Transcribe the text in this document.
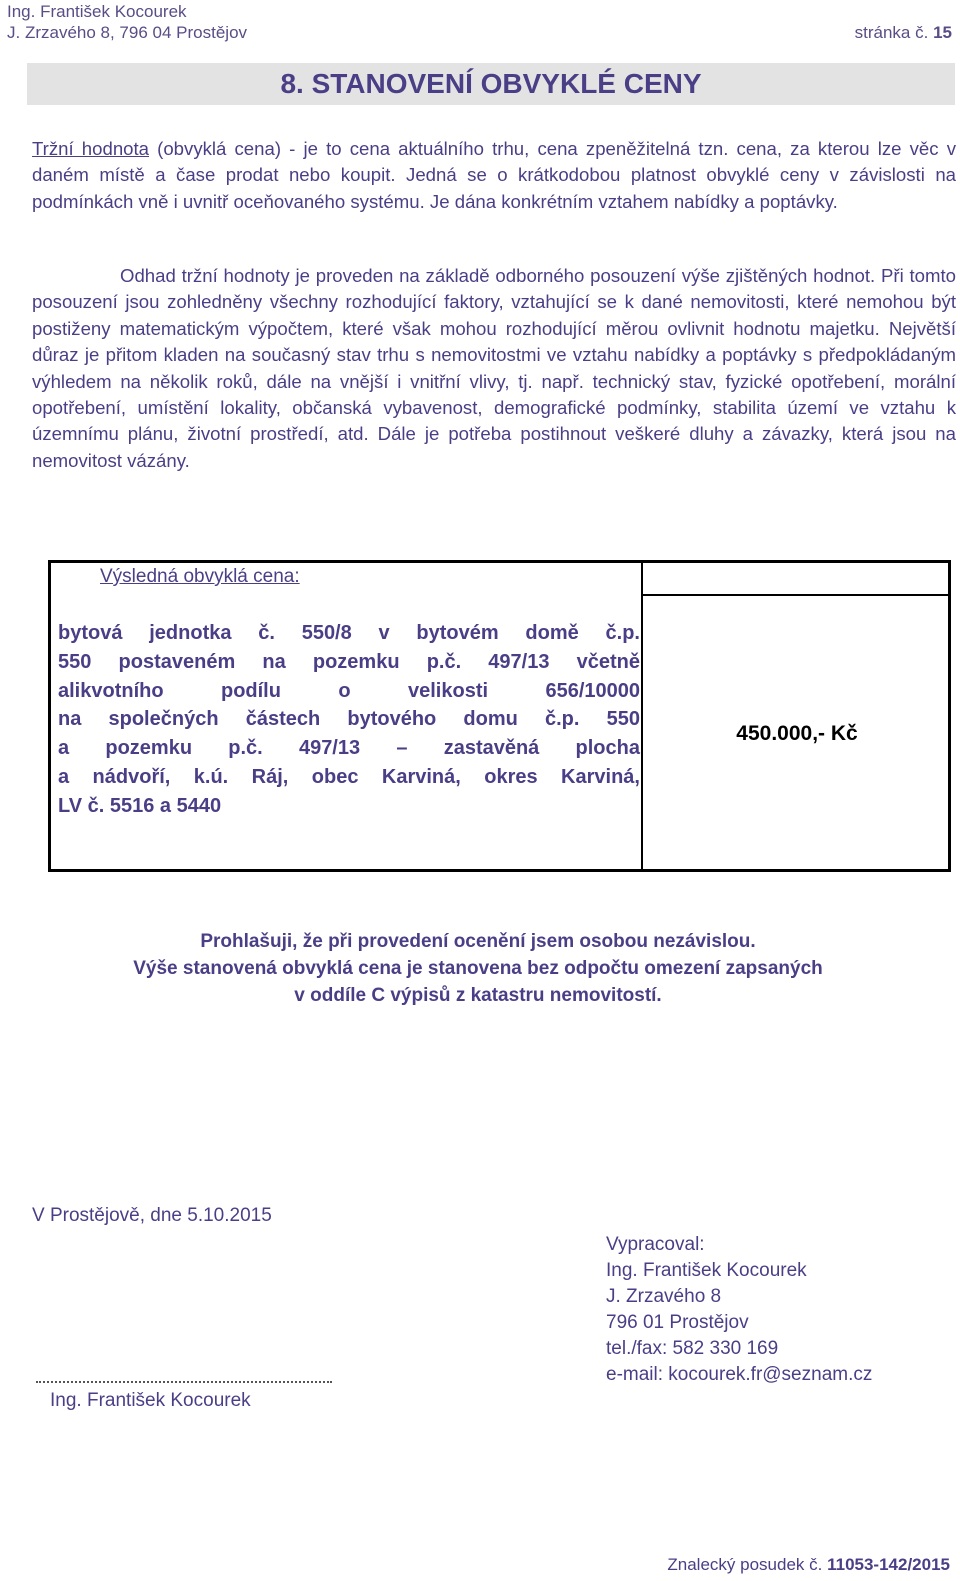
Ing. František Kocourek
J. Zrzavého 8, 796 04 Prostějov	stránka č. 15
8. STANOVENÍ OBVYKLÉ CENY

Tržní hodnota (obvyklá cena) - je to cena aktuálního trhu, cena zpeněžitelná tzn. cena, za kterou lze věc v daném místě a čase prodat nebo koupit. Jedná se o krátkodobou platnost obvyklé ceny v závislosti na podmínkách vně i uvnitř oceňovaného systému. Je dána konkrétním vztahem nabídky a poptávky.

Odhad tržní hodnoty je proveden na základě odborného posouzení výše zjištěných hodnot. Při tomto posouzení jsou zohledněny všechny rozhodující faktory, vztahující se k dané nemovitosti, které nemohou být postiženy matematickým výpočtem, které však mohou rozhodující měrou ovlivnit hodnotu majetku. Největší důraz je přitom kladen na současný stav trhu s nemovitostmi ve vztahu nabídky a poptávky s předpokládaným výhledem na několik roků, dále na vnější i vnitřní vlivy, tj. např. technický stav, fyzické opotřebení, morální opotřebení, umístění lokality, občanská vybavenost, demografické podmínky, stabilita území ve vztahu k územnímu plánu, životní prostředí, atd. Dále je potřeba postihnout veškeré dluhy a závazky, která jsou na nemovitost vázány.

Výsledná obvyklá cena:
bytová jednotka č. 550/8 v bytovém domě č.p.
550 postaveném na pozemku p.č. 497/13 včetně
alikvotního podílu o velikosti 656/10000
na společných částech bytového domu č.p. 550
a pozemku p.č. 497/13 – zastavěná plocha
a nádvoří, k.ú. Ráj, obec Karviná, okres Karviná,
LV č. 5516 a 5440
450.000,- Kč
Prohlašuji, že při provedení ocenění jsem osobou nezávislou.
Výše stanovená obvyklá cena je stanovena bez odpočtu omezení zapsaných
v oddíle C výpisů z katastru nemovitostí.
V Prostějově, dne 5.10.2015
Ing. František Kocourek
Vypracoval:
Ing. František Kocourek
J. Zrzavého 8
796 01 Prostějov
tel./fax: 582 330 169
e-mail: kocourek.fr@seznam.cz
Znalecký posudek č. 11053-142/2015
